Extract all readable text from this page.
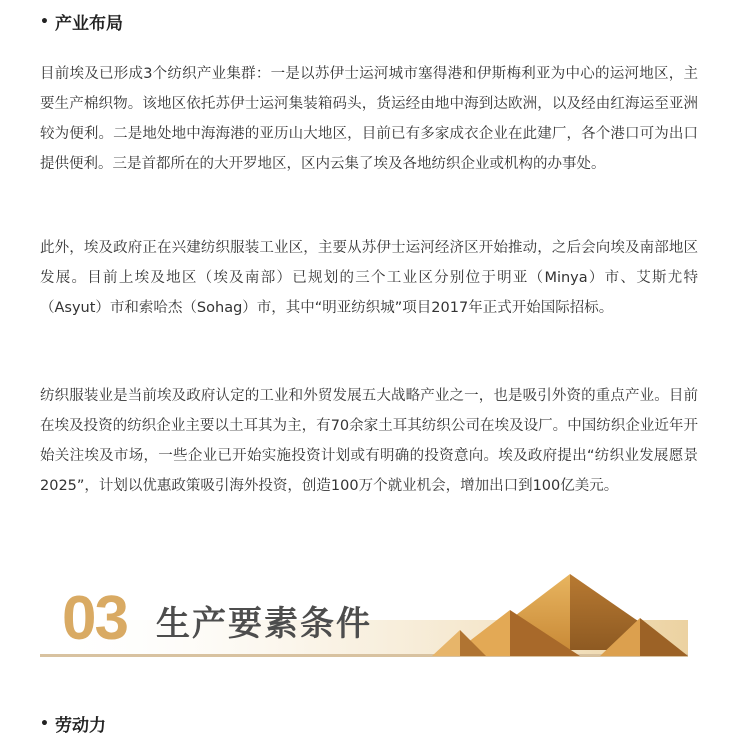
• 产业布局
目前埃及已形成3个纺织产业集群：一是以苏伊士运河城市塞得港和伊斯梅利亚为中心的运河地区，主要生产棉织物。该地区依托苏伊士运河集装箱码头，货运经由地中海到达欧洲，以及经由红海运至亚洲较为便利。二是地处地中海海港的亚历山大地区，目前已有多家成衣企业在此建厂，各个港口可为出口提供便利。三是首都所在的大开罗地区，区内云集了埃及各地纺织企业或机构的办事处。
此外，埃及政府正在兴建纺织服装工业区，主要从苏伊士运河经济区开始推动，之后会向埃及南部地区发展。目前上埃及地区（埃及南部）已规划的三个工业区分别位于明亚（Minya）市、艾斯尤特（Asyut）市和索哈杰（Sohag）市，其中“明亚纺织城”项目2017年正式开始国际招标。
纺织服装业是当前埃及政府认定的工业和外贸发展五大战略产业之一，也是吸引外资的重点产业。目前在埃及投资的纺织企业主要以土耳其为主，有70余家土耳其纺织公司在埃及设厂。中国纺织企业近年开始关注埃及市场，一些企业已开始实施投资计划或有明确的投资意向。埃及政府提出“纺织业发展愿景2025”，计划以优惠政策吸引海外投资，创造100万个就业机会，增加出口到100亿美元。
03 生产要素条件
• 劳动力
